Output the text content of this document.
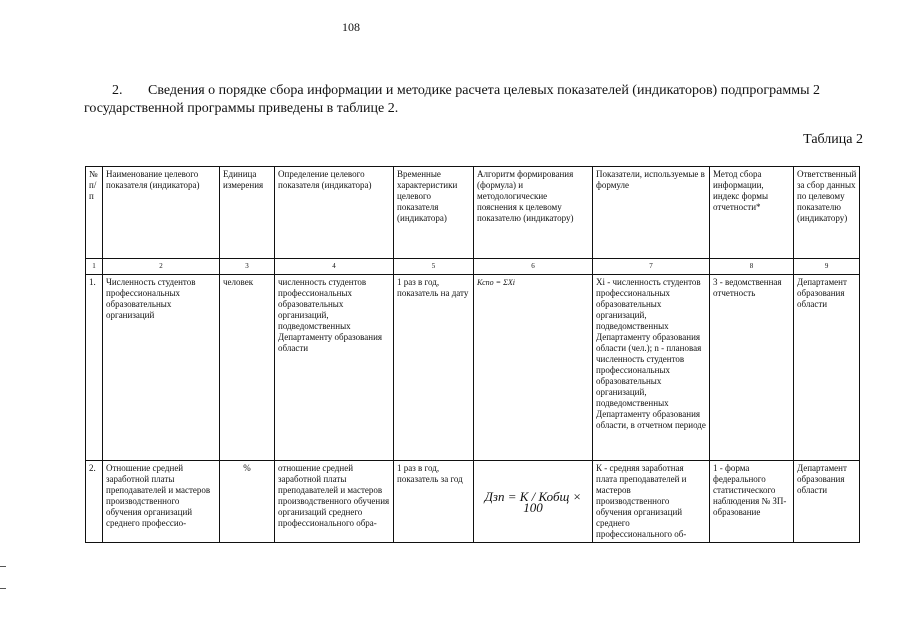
108
2. Сведения о порядке сбора информации и методике расчета целевых показателей (индикаторов) подпрограммы 2 государственной программы приведены в таблице 2.
Таблица 2
№ п/п	Наименование целевого показателя (индикатора)	Единица измерения	Определение целевого показателя (индикатора)	Временные характеристики целевого показателя (индикатора)	Алгоритм формирования (формула) и методологические пояснения к целевому показателю (индикатору)	Показатели, используемые в формуле	Метод сбора информации, индекс формы отчетности*	Ответственный за сбор данных по целевому показателю (индикатору)
1	2	3	4	5	6	7	8	9
1.	Численность студентов профессиональных образовательных организаций	человек	численность студентов профессиональных образовательных организаций, подведомственных Департаменту образования области	1 раз в год, показатель на дату	Кспо = ΣXi	Xi - численность студентов профессиональных образовательных организаций, подведомственных Департаменту образования области (чел.); n - плановая численность студентов профессиональных образовательных организаций, подведомственных Департаменту образования области, в отчетном периоде	3 - ведомственная отчетность	Департамент образования области
2.	Отношение средней заработной платы преподавателей и мастеров производственного обучения организаций среднего профессио-	%	отношение средней заработной платы преподавателей и мастеров производственного обучения организаций среднего профессионального обра-	1 раз в год, показатель за год	Дзп = К / Кобщ × 100	К - средняя заработная плата преподавателей и мастеров производственного обучения организаций среднего профессионального об-	1 - форма федерального статистического наблюдения № ЗП-образование	Департамент образования области
